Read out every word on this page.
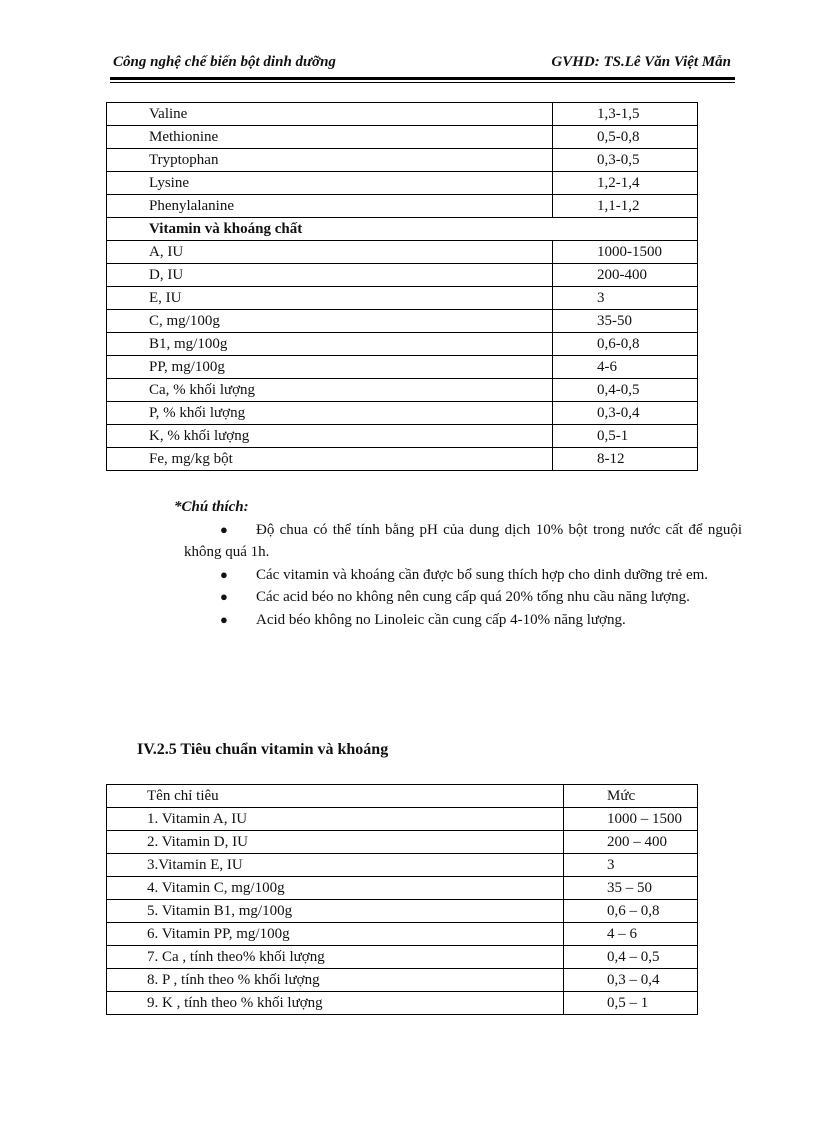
Công nghệ chế biến bột dinh dưỡng	GVHD: TS.Lê Văn Việt Mẫn
Valine	1,3-1,5
Methionine	0,5-0,8
Tryptophan	0,3-0,5
Lysine	1,2-1,4
Phenylalanine	1,1-1,2
Vitamin và khoáng chất	
A, IU	1000-1500
D, IU	200-400
E, IU	3
C, mg/100g	35-50
B1, mg/100g	0,6-0,8
PP, mg/100g	4-6
Ca, % khối lượng	0,4-0,5
P, % khối lượng	0,3-0,4
K, % khối lượng	0,5-1
Fe, mg/kg bột	8-12
*Chú thích:
●	Độ chua có thể tính bằng pH của dung dịch 10% bột trong nước cất để nguội không quá 1h.
●	Các vitamin và khoáng cần được bổ sung thích hợp cho dinh dưỡng trẻ em.
●	Các acid béo no không nên cung cấp quá 20% tổng nhu cầu năng lượng.
●	Acid béo không no Linoleic cần cung cấp 4-10% năng lượng.
IV.2.5 Tiêu chuẩn vitamin và khoáng
Tên chỉ tiêu	Mức
1. Vitamin A, IU	1000 – 1500
2. Vitamin D, IU	200 – 400
3.Vitamin E, IU	3
4. Vitamin C, mg/100g	35 – 50
5. Vitamin B1, mg/100g	0,6 – 0,8
6. Vitamin PP, mg/100g	4 – 6
7. Ca , tính theo% khối lượng	0,4 – 0,5
8. P , tính theo % khối lượng	0,3 – 0,4
9. K , tính theo % khối lượng	0,5 – 1
